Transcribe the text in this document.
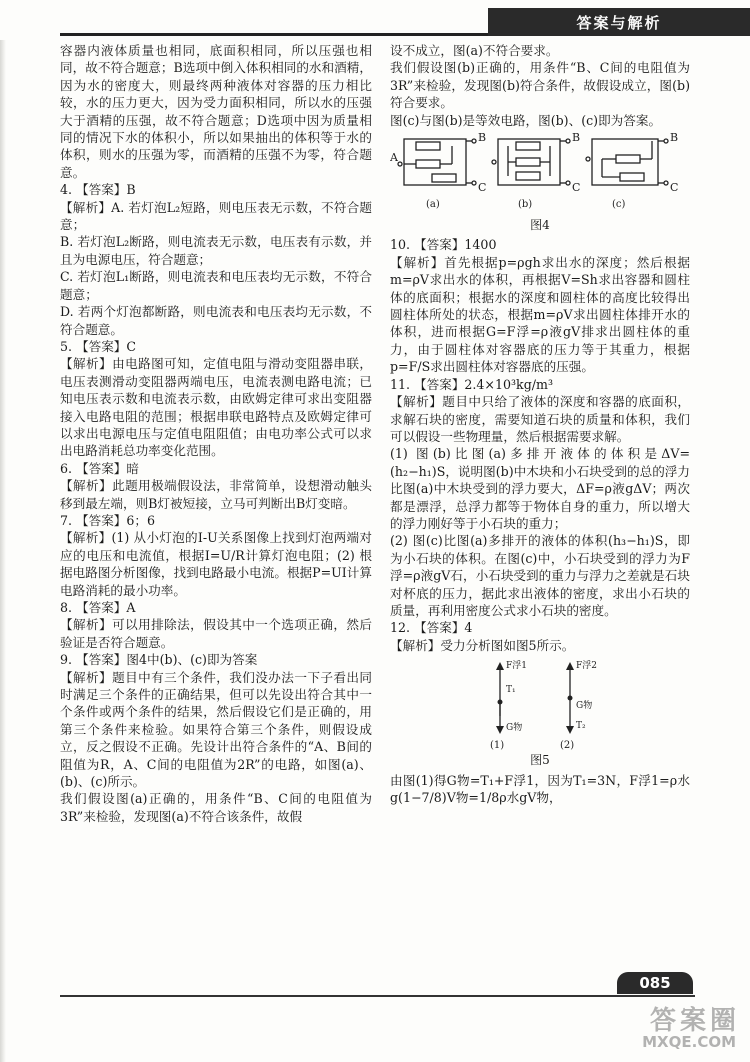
答案与解析

容器内液体质量也相同，底面积相同，所以压强也相同，故不符合题意；B选项中倒入体积相同的水和酒精，因为水的密度大，则最终两种液体对容器的压力相比较，水的压力更大，因为受力面积相同，所以水的压强大于酒精的压强，故不符合题意；D选项中因为质量相同的情况下水的体积小，所以如果抽出的体积等于水的体积，则水的压强为零，而酒精的压强不为零，符合题意。

4. 【答案】B

【解析】A. 若灯泡L₂短路，则电压表无示数，不符合题意；

B. 若灯泡L₂断路，则电流表无示数，电压表有示数，并且为电源电压，符合题意；

C. 若灯泡L₁断路，则电流表和电压表均无示数，不符合题意；

D. 若两个灯泡都断路，则电流表和电压表均无示数，不符合题意。

5. 【答案】C

【解析】由电路图可知，定值电阻与滑动变阻器串联，电压表测滑动变阻器两端电压，电流表测电路电流；已知电压表示数和电流表示数，由欧姆定律可求出变阻器接入电路电阻的范围；根据串联电路特点及欧姆定律可以求出电源电压与定值电阻阻值；由电功率公式可以求出电路消耗总功率变化范围。

6. 【答案】暗

【解析】此题用极端假设法，非常简单，设想滑动触头移到最左端，则B灯被短接，立马可判断出B灯变暗。

7. 【答案】6；6

【解析】(1) 从小灯泡的I-U关系图像上找到灯泡两端对应的电压和电流值，根据I=U/R计算灯泡电阻；(2) 根据电路图分析图像，找到电路最小电流。根据P=UI计算电路消耗的最小功率。

8. 【答案】A

【解析】可以用排除法，假设其中一个选项正确，然后验证是否符合题意。

9. 【答案】图4中(b)、(c)即为答案

【解析】题目中有三个条件，我们没办法一下子看出同时满足三个条件的正确结果，但可以先设出符合其中一个条件或两个条件的结果，然后假设它们是正确的，用第三个条件来检验。如果符合第三个条件，则假设成立，反之假设不正确。先设计出符合条件的“A、B间的阻值为R，A、C间的电阻值为2R”的电路，如图(a)、(b)、(c)所示。

我们假设图(a)正确的，用条件“B、C间的电阻值为3R”来检验，发现图(a)不符合该条件，故假

设不成立，图(a)不符合要求。

我们假设图(b)正确的，用条件“B、C间的电阻值为3R”来检验，发现图(b)符合条件，故假设成立，图(b)符合要求。

图(c)与图(b)是等效电路，图(b)、(c)即为答案。

A
B
C
(a)
B
C
(b)
B
C
(c)
图4

10. 【答案】1400

【解析】首先根据p=ρgh求出水的深度；然后根据m=ρV求出水的体积，再根据V=Sh求出容器和圆柱体的底面积；根据水的深度和圆柱体的高度比较得出圆柱体所处的状态，根据m=ρV求出圆柱体排开水的体积，进而根据G=F浮=ρ液gV排求出圆柱体的重力，由于圆柱体对容器底的压力等于其重力，根据p=F/S求出圆柱体对容器底的压强。

11. 【答案】2.4×10³kg/m³

【解析】题目中只给了液体的深度和容器的底面积，求解石块的密度，需要知道石块的质量和体积，我们可以假设一些物理量，然后根据需要求解。

(1) 图(b)比图(a)多排开液体的体积是ΔV=(h₂−h₁)S，说明图(b)中木块和小石块受到的总的浮力比图(a)中木块受到的浮力要大，ΔF=ρ液gΔV；两次都是漂浮，总浮力都等于物体自身的重力，所以增大的浮力刚好等于小石块的重力；

(2) 图(c)比图(a)多排开的液体的体积(h₃−h₁)S，即为小石块的体积。在图(c)中，小石块受到的浮力为F浮=ρ液gV石，小石块受到的重力与浮力之差就是石块对杯底的压力，据此求出液体的密度，求出小石块的质量，再利用密度公式求小石块的密度。

12. 【答案】4

【解析】受力分析图如图5所示。

F浮1
T₁
G物
(1)
F浮2
G物
T₂
(2)
图5

由图(1)得G物=T₁+F浮1，因为T₁=3N，F浮1=ρ水g(1−7/8)V物=1/8ρ水gV物，

085
答案圈
MXQE.COM
